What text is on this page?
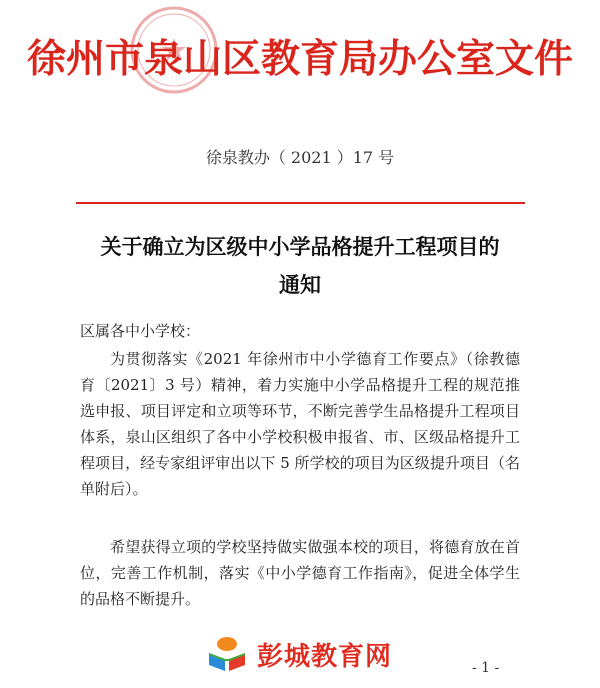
徐州市泉山区教育局办公室文件
徐泉教办（ 2021 ）17 号
关于确立为区级中小学品格提升工程项目的
通知
区属各中小学校：

为贯彻落实《2021 年徐州市中小学德育工作要点》（徐教德育〔2021〕3 号）精神，着力实施中小学品格提升工程的规范推选申报、项目评定和立项等环节，不断完善学生品格提升工程项目体系，泉山区组织了各中小学校积极申报省、市、区级品格提升工程项目，经专家组评审出以下 5 所学校的项目为区级提升项目（名单附后）。

希望获得立项的学校坚持做实做强本校的项目，将德育放在首位，完善工作机制，落实《中小学德育工作指南》，促进全体学生的品格不断提升。

彭城教育网	- 1 -
